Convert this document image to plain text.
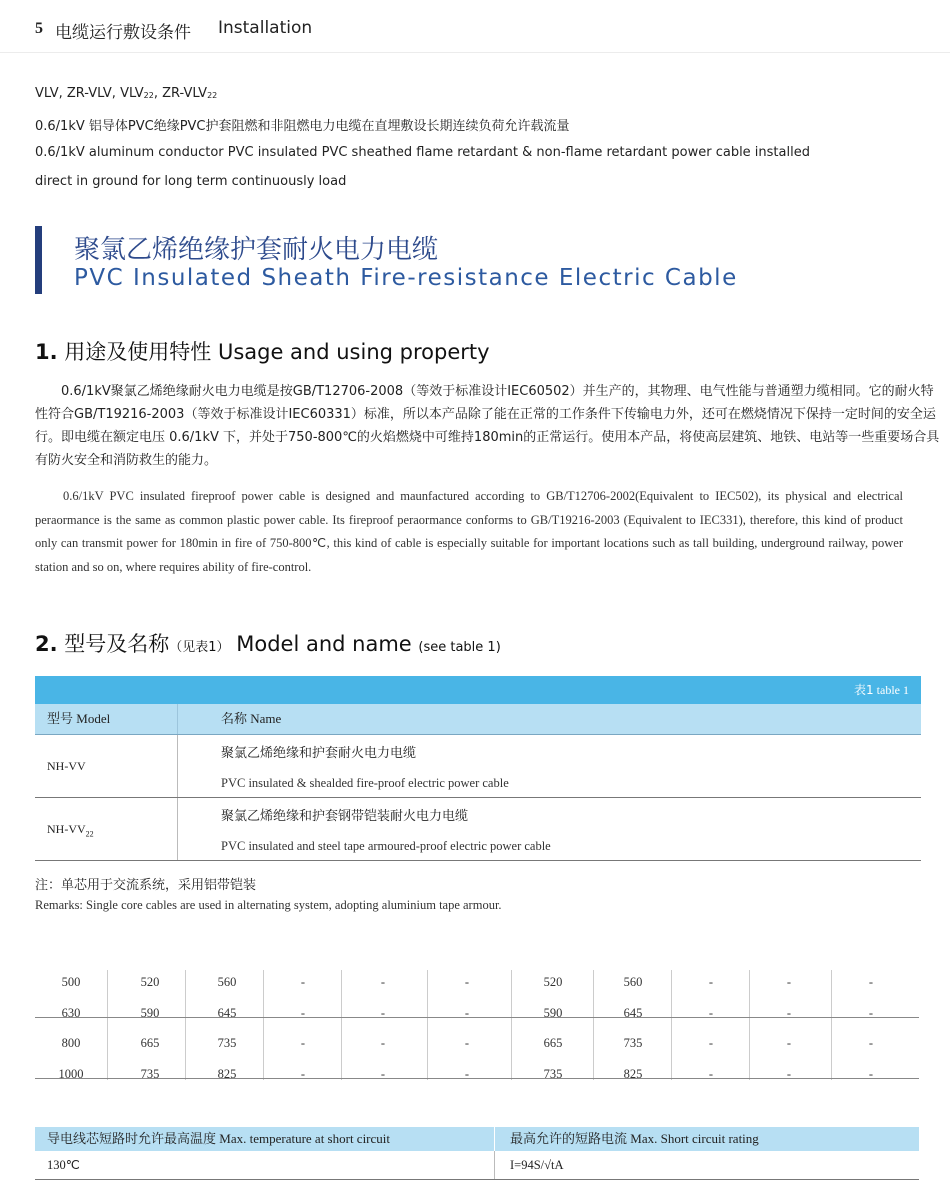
5 电缆运行敷设条件 Installation
VLV, ZR-VLV, $VLV_{22}$, $ZR-VLV_{22}$
0.6/1kV 铝导体PVC绝缘PVC护套阻燃和非阻燃电力电缆在直埋敷设长期连续负荷允许载流量
0.6/1kV aluminum conductor PVC insulated PVC sheathed flame retardant & non-flame retardant power cable installed
direct in ground for long term continuously load
聚氯乙烯绝缘护套耐火电力电缆
PVC Insulated Sheath Fire-resistance Electric Cable
1. 用途及使用特性 Usage and using property

0.6/1kV聚氯乙烯绝缘耐火电力电缆是按GB/T12706-2008（等效于标准设计IEC60502）并生产的，其物理、电气性能与普通塑力缆相同。它的耐火特性符合GB/T19216-2003（等效于标准设计IEC60331）标准，所以本产品除了能在正常的工作条件下传输电力外，还可在燃烧情况下保持一定时间的安全运行。即电缆在额定电压 0.6/1kV 下，并处于750-800℃的火焰燃烧中可维持180min的正常运行。使用本产品，将使高层建筑、地铁、电站等一些重要场合具有防火安全和消防救生的能力。

0.6/1kV PVC insulated fireproof power cable is designed and maunfactured according to GB/T12706-2002(Equivalent to IEC502), its physical and electrical peraormance is the same as common plastic power cable. Its fireproof peraormance conforms to GB/T19216-2003 (Equivalent to IEC331), therefore, this kind of product only can transmit power for 180min in fire of 750-800℃, this kind of cable is especially suitable for important locations such as tall building, underground railway, power station and so on, where requires ability of fire-control.

2. 型号及名称（见表1） Model and name (see table 1)
表1 table 1
型号 Model	名称 Name
NH-VV
聚氯乙烯绝缘和护套耐火电力电缆
PVC insulated & shealded fire-proof electric power cable
$NH-VV_{22}$
聚氯乙烯绝缘和护套钢带铠装耐火电力电缆
PVC insulated and steel tape armoured-proof electric power cable
注：单芯用于交流系统，采用铝带铠装
Remarks: Single core cables are used in alternating system, adopting aluminium tape armour.
500	520	560	-	-	-	520	560	-	-	-
630	590	645	-	-	-	590	645	-	-	-
800	665	735	-	-	-	665	735	-	-	-
1000	735	825	-	-	-	735	825	-	-	-
导电线芯短路时允许最高温度 Max. temperature at short circuit	最高允许的短路电流 Max. Short circuit rating
130℃	I=94S/√tA
